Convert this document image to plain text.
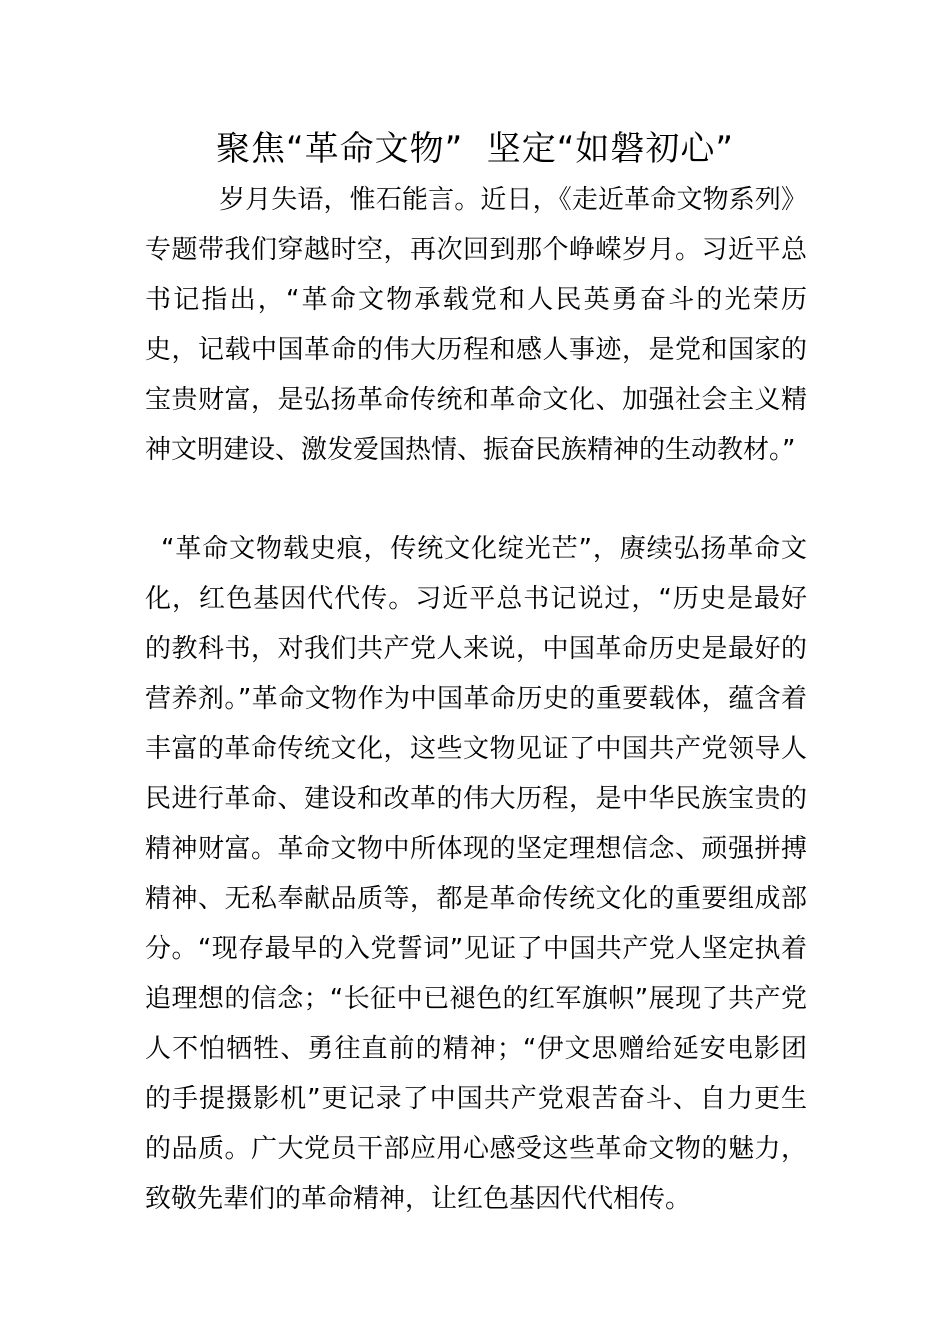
聚焦“革命文物”  坚定“如磐初心”

岁月失语，惟石能言。近日，《走近革命文物系列》专题带我们穿越时空，再次回到那个峥嵘岁月。习近平总书记指出，“革命文物承载党和人民英勇奋斗的光荣历史，记载中国革命的伟大历程和感人事迹，是党和国家的宝贵财富，是弘扬革命传统和革命文化、加强社会主义精神文明建设、激发爱国热情、振奋民族精神的生动教材。”

“革命文物载史痕，传统文化绽光芒”，赓续弘扬革命文化，红色基因代代传。习近平总书记说过，“历史是最好的教科书，对我们共产党人来说，中国革命历史是最好的营养剂。”革命文物作为中国革命历史的重要载体，蕴含着丰富的革命传统文化，这些文物见证了中国共产党领导人民进行革命、建设和改革的伟大历程，是中华民族宝贵的精神财富。革命文物中所体现的坚定理想信念、顽强拼搏精神、无私奉献品质等，都是革命传统文化的重要组成部分。“现存最早的入党誓词”见证了中国共产党人坚定执着追理想的信念；“长征中已褪色的红军旗帜”展现了共产党人不怕牺牲、勇往直前的精神；“伊文思赠给延安电影团的手提摄影机”更记录了中国共产党艰苦奋斗、自力更生的品质。广大党员干部应用心感受这些革命文物的魅力，致敬先辈们的革命精神，让红色基因代代相传。
